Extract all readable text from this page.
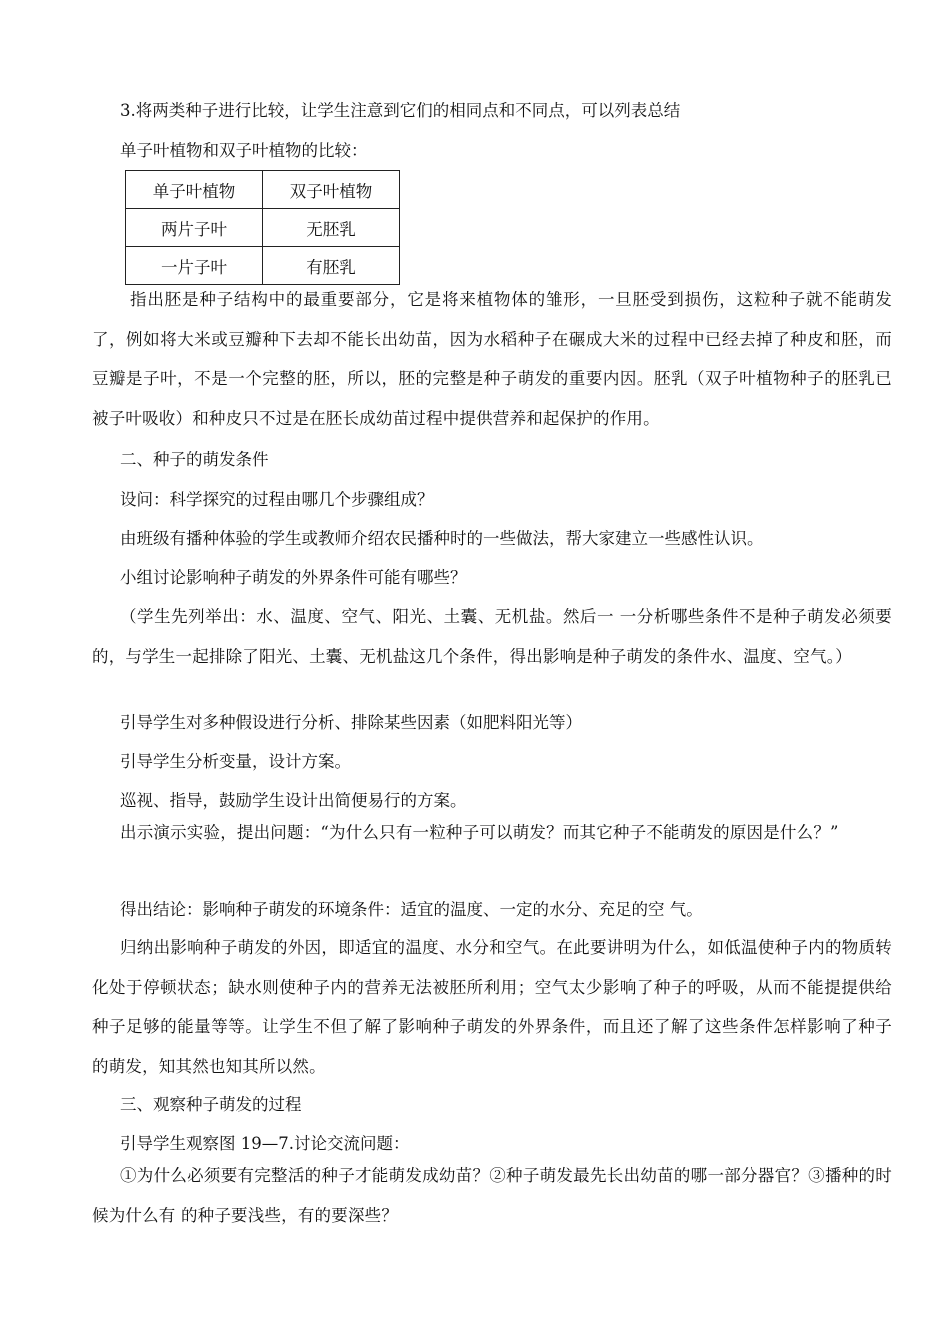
3.将两类种子进行比较，让学生注意到它们的相同点和不同点，可以列表总结
单子叶植物和双子叶植物的比较：
单子叶植物	双子叶植物
两片子叶	无胚乳
一片子叶	有胚乳
指出胚是种子结构中的最重要部分，它是将来植物体的雏形，一旦胚受到损伤，这粒种子就不能萌发了，例如将大米或豆瓣种下去却不能长出幼苗，因为水稻种子在碾成大米的过程中已经去掉了种皮和胚，而豆瓣是子叶，不是一个完整的胚，所以，胚的完整是种子萌发的重要内因。胚乳（双子叶植物种子的胚乳已被子叶吸收）和种皮只不过是在胚长成幼苗过程中提供营养和起保护的作用。
二、种子的萌发条件
设问：科学探究的过程由哪几个步骤组成？
由班级有播种体验的学生或教师介绍农民播种时的一些做法，帮大家建立一些感性认识。
小组讨论影响种子萌发的外界条件可能有哪些？
（学生先列举出：水、温度、空气、阳光、土囊、无机盐。然后一 一分析哪些条件不是种子萌发必须要的，与学生一起排除了阳光、土囊、无机盐这几个条件，得出影响是种子萌发的条件水、温度、空气。）
引导学生对多种假设进行分析、排除某些因素（如肥料阳光等）
引导学生分析变量，设计方案。
巡视、指导，鼓励学生设计出简便易行的方案。
出示演示实验，提出问题：“为什么只有一粒种子可以萌发？而其它种子不能萌发的原因是什么？”
得出结论：影响种子萌发的环境条件：适宜的温度、一定的水分、充足的空 气。
归纳出影响种子萌发的外因，即适宜的温度、水分和空气。在此要讲明为什么，如低温使种子内的物质转化处于停顿状态；缺水则使种子内的营养无法被胚所利用；空气太少影响了种子的呼吸，从而不能提提供给种子足够的能量等等。让学生不但了解了影响种子萌发的外界条件，而且还了解了这些条件怎样影响了种子的萌发，知其然也知其所以然。
三、观察种子萌发的过程
引导学生观察图 19—7.讨论交流问题：
①为什么必须要有完整活的种子才能萌发成幼苗？②种子萌发最先长出幼苗的哪一部分器官？③播种的时候为什么有 的种子要浅些，有的要深些？
